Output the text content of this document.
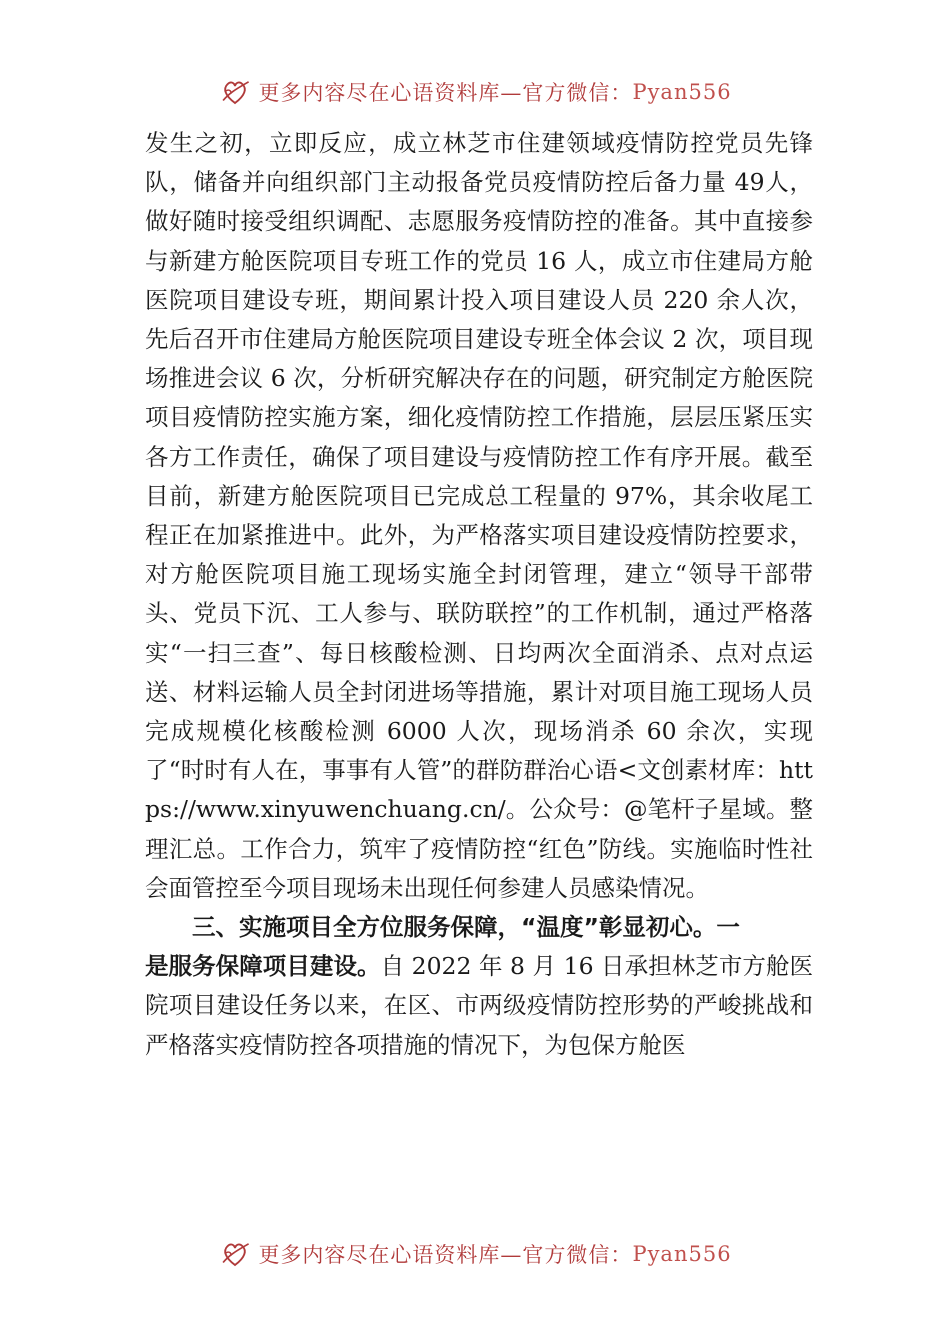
更多内容尽在心语资料库—官方微信： Pyan556

发生之初，立即反应，成立林芝市住建领域疫情防控党员先锋队，储备并向组织部门主动报备党员疫情防控后备力量 49人，做好随时接受组织调配、志愿服务疫情防控的准备。其中直接参与新建方舱医院项目专班工作的党员 16 人，成立市住建局方舱医院项目建设专班，期间累计投入项目建设人员 220 余人次，先后召开市住建局方舱医院项目建设专班全体会议 2 次，项目现场推进会议 6 次，分析研究解决存在的问题，研究制定方舱医院项目疫情防控实施方案，细化疫情防控工作措施，层层压紧压实各方工作责任，确保了项目建设与疫情防控工作有序开展。截至目前，新建方舱医院项目已完成总工程量的 97%，其余收尾工程正在加紧推进中。此外，为严格落实项目建设疫情防控要求，对方舱医院项目施工现场实施全封闭管理，建立“领导干部带头、党员下沉、工人参与、联防联控”的工作机制，通过严格落实“一扫三查”、每日核酸检测、日均两次全面消杀、点对点运送、材料运输人员全封闭进场等措施，累计对项目施工现场人员完成规模化核酸检测 6000 人次，现场消杀 60 余次，实现了“时时有人在，事事有人管”的群防群治心语<文创素材库：https://www.xinyuwenchuang.cn/。公众号：@笔杆子星域。整理汇总。工作合力，筑牢了疫情防控“红色”防线。实施临时性社会面管控至今项目现场未出现任何参建人员感染情况。

三、实施项目全方位服务保障，“温度”彰显初心。一

是服务保障项目建设。自 2022 年 8 月 16 日承担林芝市方舱医院项目建设任务以来，在区、市两级疫情防控形势的严峻挑战和严格落实疫情防控各项措施的情况下，为包保方舱医

更多内容尽在心语资料库—官方微信： Pyan556
